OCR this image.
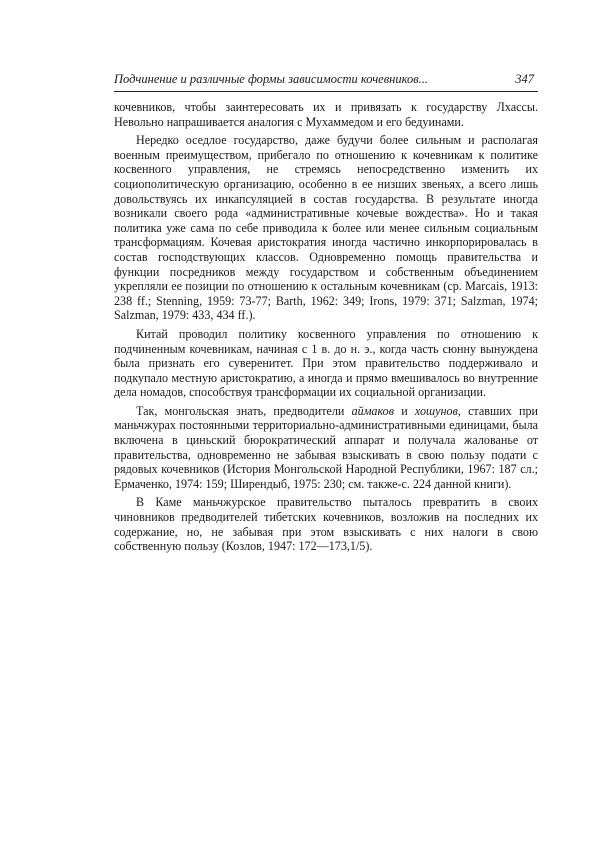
Подчинение и различные формы зависимости кочевников...	347

кочевников, чтобы заинтересовать их и привязать к государству Лхассы. Невольно напрашивается аналогия с Мухаммедом и его бедуинами.

Нередко оседлое государство, даже будучи более сильным и располагая военным преимуществом, прибегало по отношению к кочевникам к политике косвенного управления, не стремясь непосредственно изменить их социополитическую организацию, особенно в ее низших звеньях, а всего лишь довольствуясь их инкапсуляцией в состав государства. В результате иногда возникали своего рода «административные кочевые вождества». Но и такая политика уже сама по себе приводила к более или менее сильным социальным трансформациям. Кочевая аристократия иногда частично инкорпорировалась в состав господствующих классов. Одновременно помощь правительства и функции посредников между государством и собственным объединением укрепляли ее позиции по отношению к остальным кочевникам (ср. Marcais, 1913: 238 ff.; Stenning, 1959: 73-77; Barth, 1962: 349; Irons, 1979: 371; Salzman, 1974; Salzman, 1979: 433, 434 ff.).

Китай проводил политику косвенного управления по отношению к подчиненным кочевникам, начиная с 1 в. до н. э., когда часть сюнну вынуждена была признать его суверенитет. При этом правительство поддерживало и подкупало местную аристократию, а иногда и прямо вмешивалось во внутренние дела номадов, способствуя трансформации их социальной организации.

Так, монгольская знать, предводители аймаков и хошунов, ставших при маньчжурах постоянными территориально-административными единицами, была включена в циньский бюрократический аппарат и получала жалованье от правительства, одновременно не забывая взыскивать в свою пользу подати с рядовых кочевников (История Монгольской Народной Республики, 1967: 187 сл.; Ермаченко, 1974: 159; Ширендыб, 1975: 230; см. также-с. 224 данной книги).

В Каме маньчжурское правительство пыталось превратить в своих чиновников предводителей тибетских кочевников, возложив на последних их содержание, но, не забывая при этом взыскивать с них налоги в свою собственную пользу (Козлов, 1947: 172—173,1/5).
